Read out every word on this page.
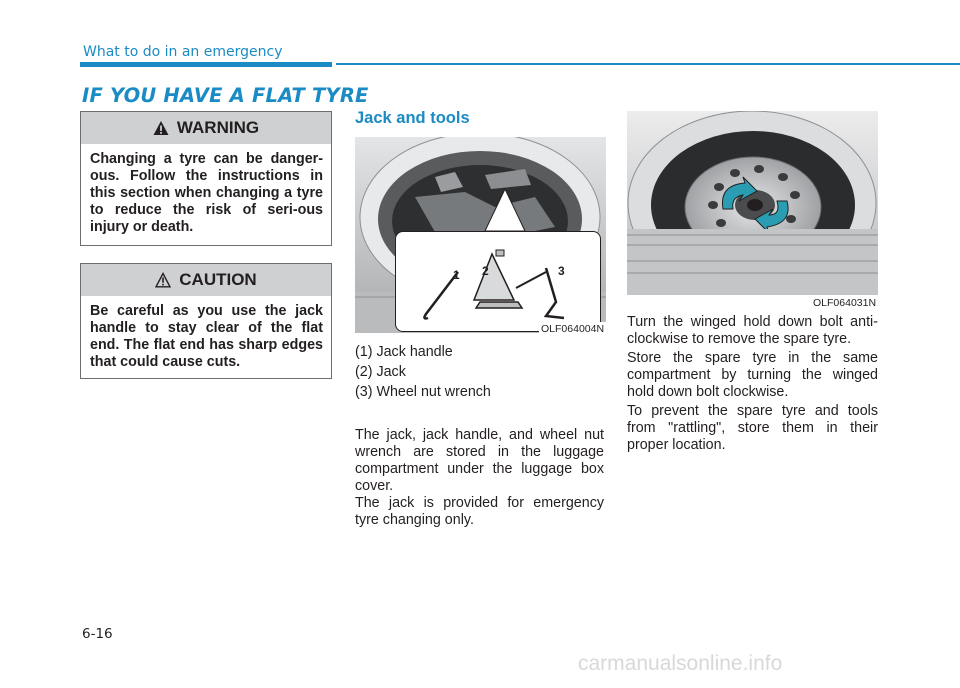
What to do in an emergency
IF YOU HAVE A FLAT TYRE
WARNING
Changing a tyre can be danger-ous. Follow the instructions in this section when changing a tyre to reduce the risk of seri-ous injury or death.
CAUTION
Be careful as you use the jack handle to stay clear of the flat end. The flat end has sharp edges that could cause cuts.
Jack and tools
1 2	3
OLF064004N
(1) Jack handle
(2) Jack
(3) Wheel nut wrench
The jack, jack handle, and wheel nut wrench are stored in the luggage compartment under the luggage box cover.
The jack is provided for emergency tyre changing only.
OLF064031N
Turn the winged hold down bolt anti-clockwise to remove the spare tyre.
Store the spare tyre in the same compartment by turning the winged hold down bolt clockwise.
To prevent the spare tyre and tools from "rattling", store them in their proper location.
6-16
carmanualsonline.info
